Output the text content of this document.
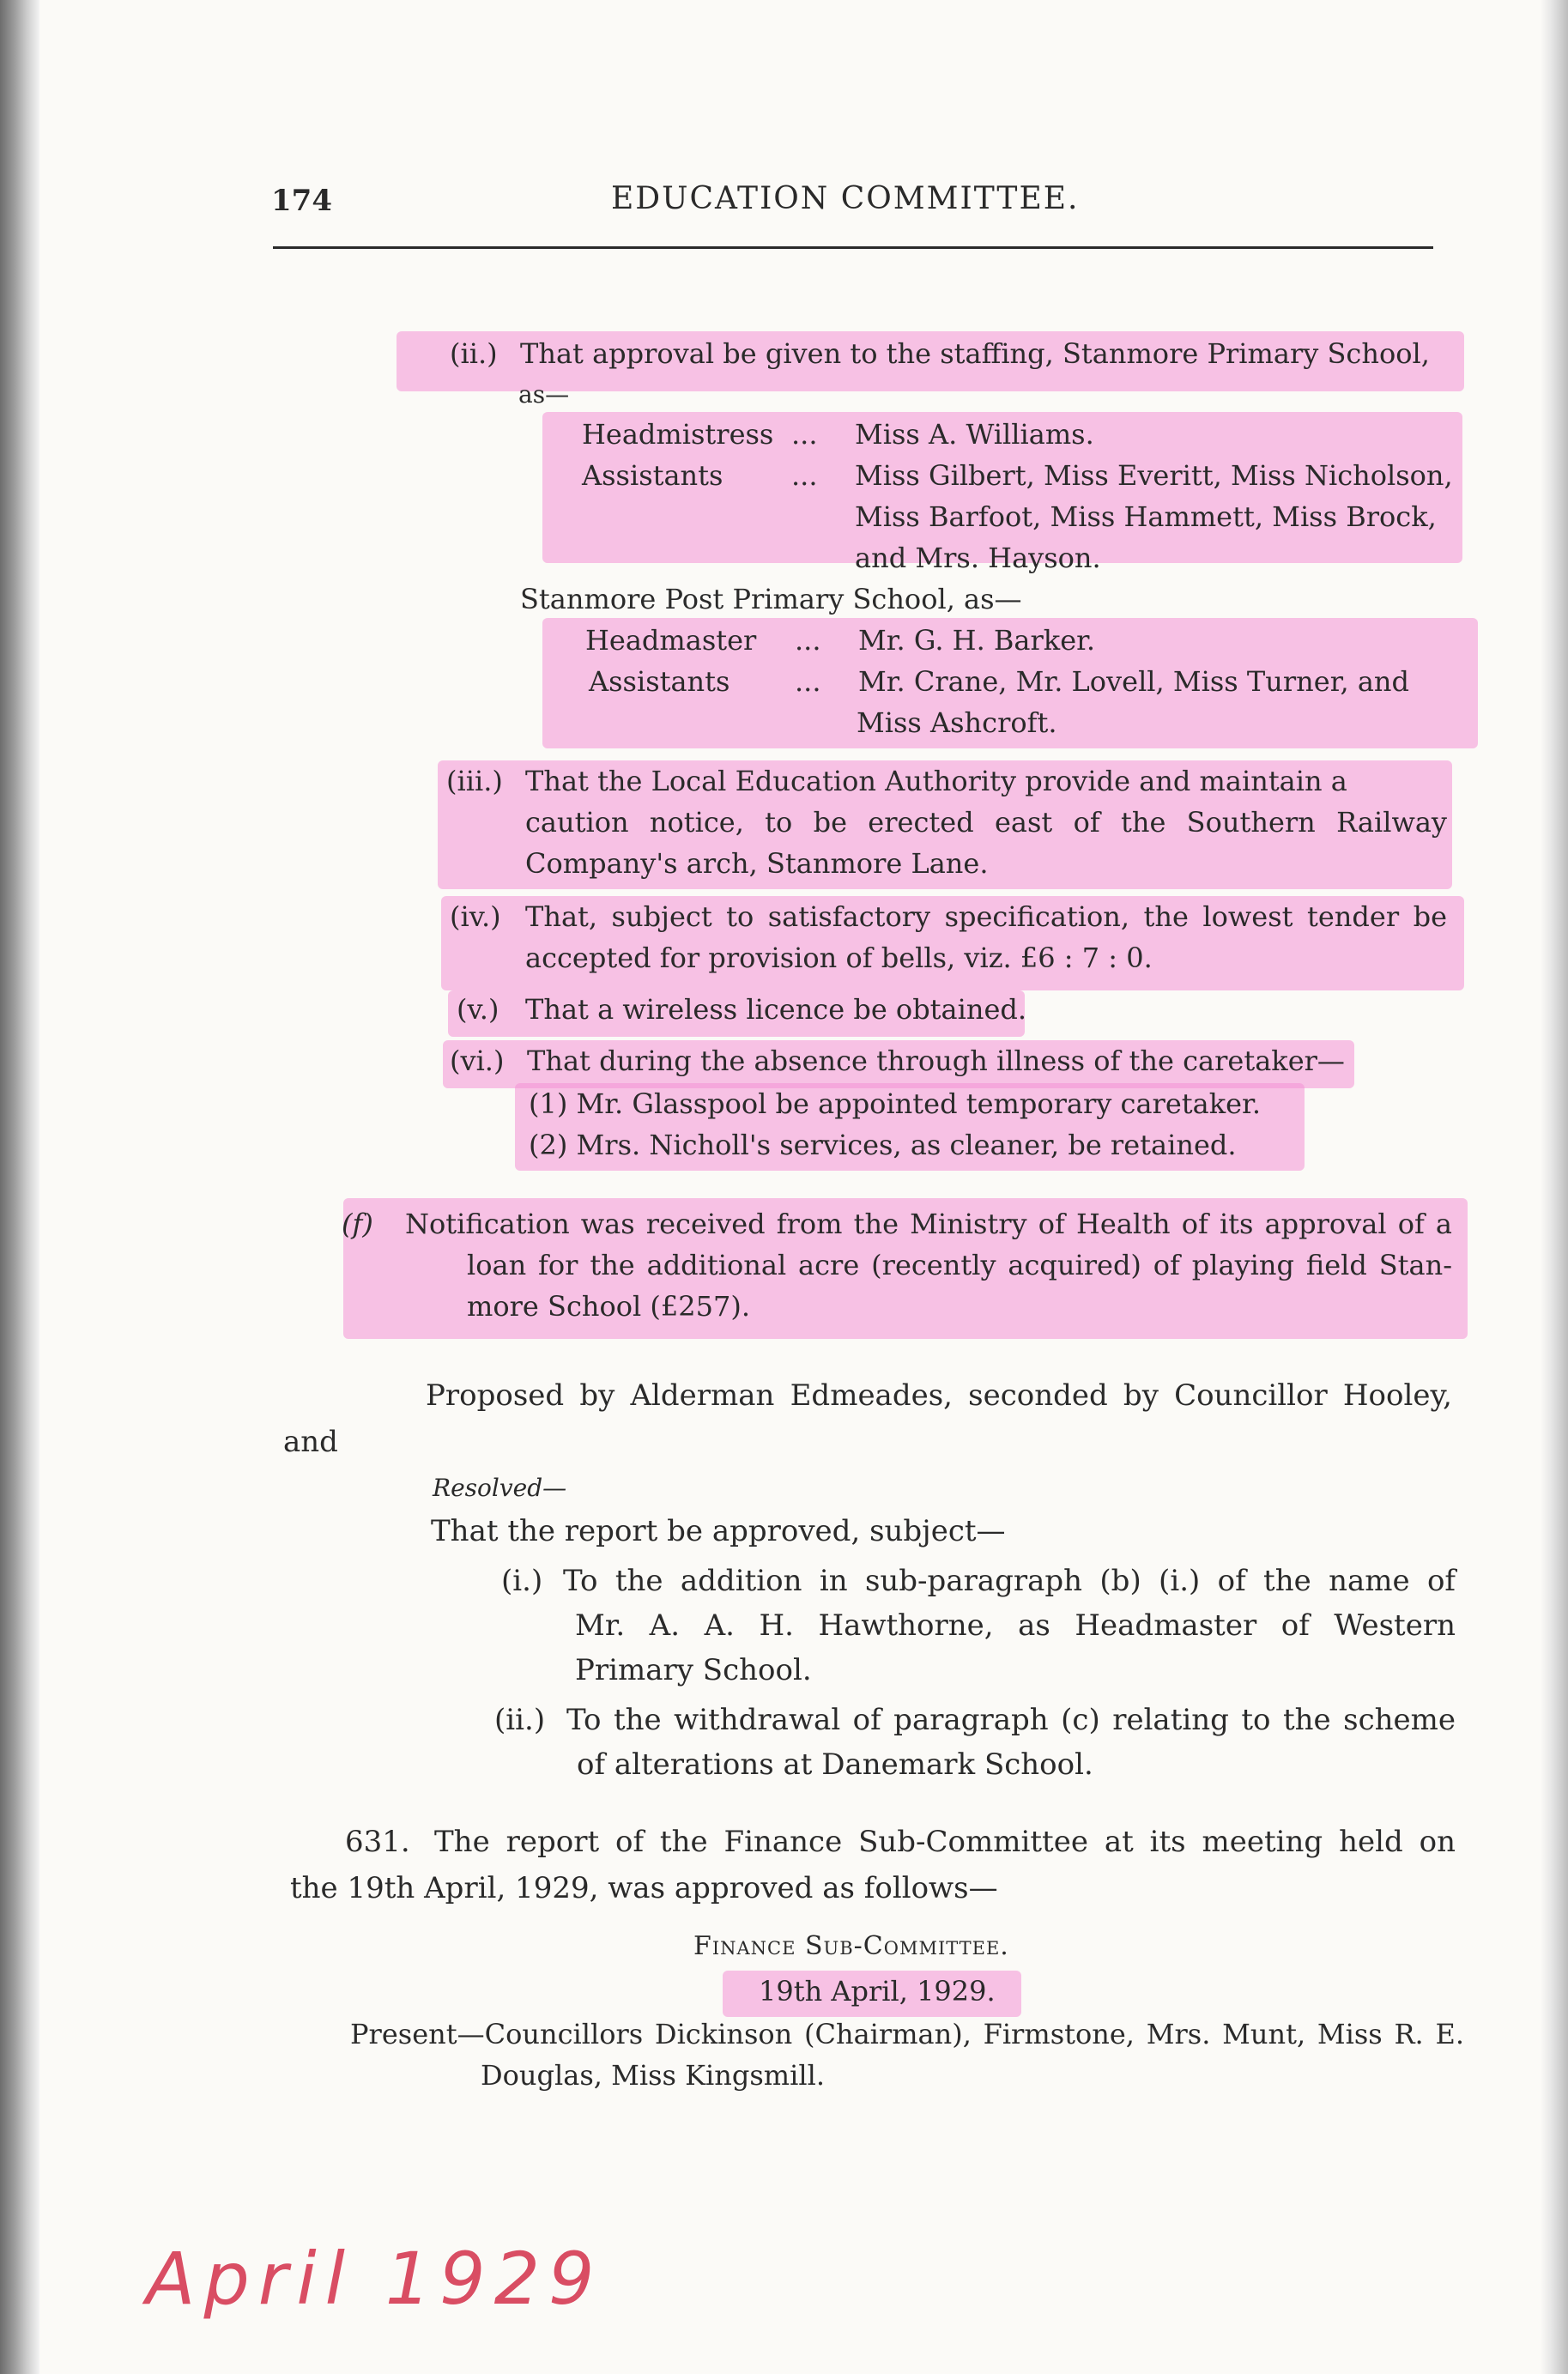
174	EDUCATION COMMITTEE.
(ii.) That approval be given to the staffing, Stanmore Primary School,
as—
Headmistress ... Miss A. Williams.
Assistants ... Miss Gilbert, Miss Everitt, Miss Nicholson,
Miss Barfoot, Miss Hammett, Miss Brock,
and Mrs. Hayson.
Stanmore Post Primary School, as—
Headmaster ... Mr. G. H. Barker.
Assistants ... Mr. Crane, Mr. Lovell, Miss Turner, and
Miss Ashcroft.
(iii.) That the Local Education Authority provide and maintain a
caution notice, to be erected east of the Southern Railway
Company's arch, Stanmore Lane.
(iv.) That, subject to satisfactory specification, the lowest tender be
accepted for provision of bells, viz. £6 : 7 : 0.
(v.) That a wireless licence be obtained.
(vi.) That during the absence through illness of the caretaker—
(1) Mr. Glasspool be appointed temporary caretaker.
(2) Mrs. Nicholl's services, as cleaner, be retained.
(f) Notification was received from the Ministry of Health of its approval of a
loan for the additional acre (recently acquired) of playing field Stan-
more School (£257).
Proposed by Alderman Edmeades, seconded by Councillor Hooley,
and
Resolved—
That the report be approved, subject—
(i.) To the addition in sub-paragraph (b) (i.) of the name of
Mr. A. A. H. Hawthorne, as Headmaster of Western
Primary School.
(ii.) To the withdrawal of paragraph (c) relating to the scheme
of alterations at Danemark School.
631. The report of the Finance Sub-Committee at its meeting held on
the 19th April, 1929, was approved as follows—
Finance Sub-Committee.
19th April, 1929.
Present—Councillors Dickinson (Chairman), Firmstone, Mrs. Munt, Miss R. E.
Douglas, Miss Kingsmill.
April 1929
